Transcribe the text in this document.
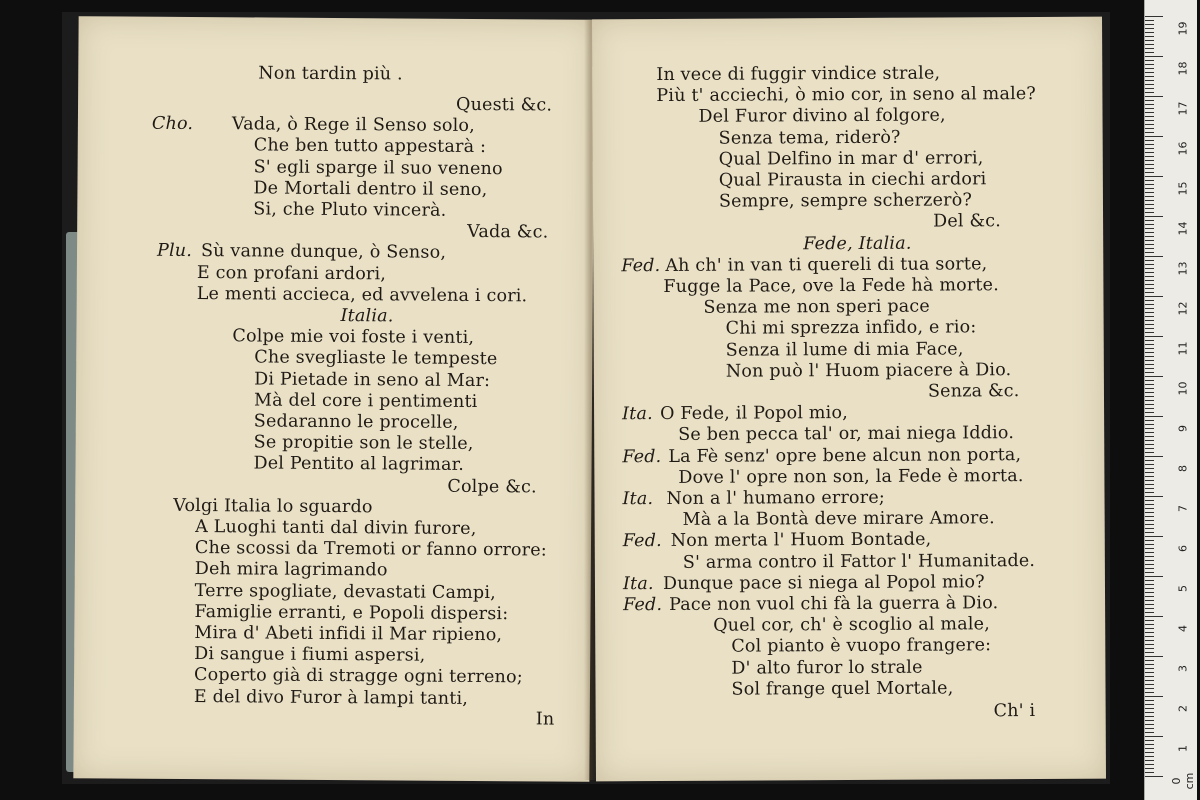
Non tardin più .
Questi &c.
Cho. Vada, ò Rege il Senso solo,
Che ben tutto appestarà :
S' egli sparge il suo veneno
De Mortali dentro il seno,
Si, che Pluto vincerà.
Vada &c.
Plu. Sù vanne dunque, ò Senso,
E con profani ardori,
Le menti accieca, ed avvelena i cori.
Italia.
Colpe mie voi foste i venti,
Che svegliaste le tempeste
Di Pietade in seno al Mar:
Mà del core i pentimenti
Sedaranno le procelle,
Se propitie son le stelle,
Del Pentito al lagrimar.
Colpe &c.
Volgi Italia lo sguardo
A Luoghi tanti dal divin furore,
Che scossi da Tremoti or fanno orrore:
Deh mira lagrimando
Terre spogliate, devastati Campi,
Famiglie erranti, e Popoli dispersi:
Mira d' Abeti infidi il Mar ripieno,
Di sangue i fiumi aspersi,
Coperto già di stragge ogni terreno;
E del divo Furor à lampi tanti,
In
In vece di fuggir vindice strale,
Più t' acciechi, ò mio cor, in seno al male?
Del Furor divino al folgore,
Senza tema, riderò?
Qual Delfino in mar d' errori,
Qual Pirausta in ciechi ardori
Sempre, sempre scherzerò?
Del &c.
Fede, Italia.
Fed. Ah ch' in van ti quereli di tua sorte,
Fugge la Pace, ove la Fede hà morte.
Senza me non speri pace
Chi mi sprezza infido, e rio:
Senza il lume di mia Face,
Non può l' Huom piacere à Dio.
Senza &c.
Ita. O Fede, il Popol mio,
Se ben pecca tal' or, mai niega Iddio.
Fed. La Fè senz' opre bene alcun non porta,
Dove l' opre non son, la Fede è morta.
Ita. Non a l' humano errore;
Mà a la Bontà deve mirare Amore.
Fed. Non merta l' Huom Bontade,
S' arma contro il Fattor l' Humanitade.
Ita. Dunque pace si niega al Popol mio?
Fed. Pace non vuol chi fà la guerra à Dio.
Quel cor, ch' è scoglio al male,
Col pianto è vuopo frangere:
D' alto furor lo strale
Sol frange quel Mortale,
Ch' i
0 cm
1
2
3
4
5
6
7
8
9
10
11
12
13
14
15
16
17
18
19
